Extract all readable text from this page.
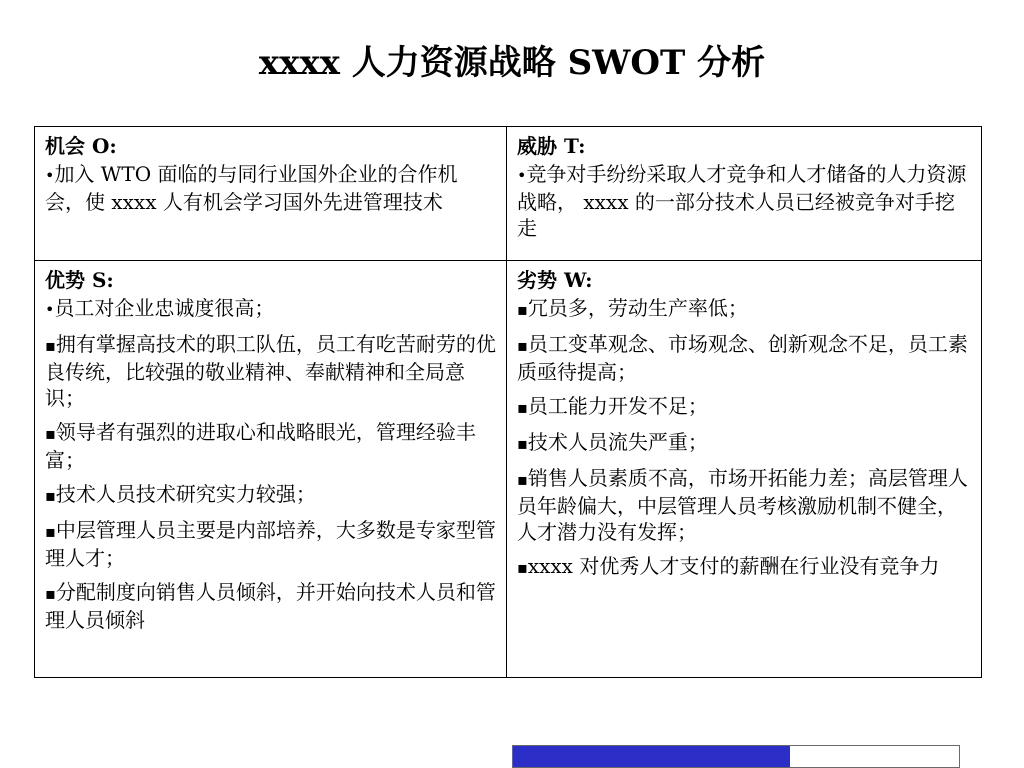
xxxx 人力资源战略 SWOT 分析
机会 O:
•加入 WTO 面临的与同行业国外企业的合作机会，使 xxxx 人有机会学习国外先进管理技术
威胁 T:
•竞争对手纷纷采取人才竞争和人才储备的人力资源战略， xxxx 的一部分技术人员已经被竞争对手挖走
优势 S:
•员工对企业忠诚度很高；
▪拥有掌握高技术的职工队伍，员工有吃苦耐劳的优良传统，比较强的敬业精神、奉献精神和全局意识；
▪领导者有强烈的进取心和战略眼光，管理经验丰富；
▪技术人员技术研究实力较强；
▪中层管理人员主要是内部培养，大多数是专家型管理人才；
▪分配制度向销售人员倾斜，并开始向技术人员和管理人员倾斜
劣势 W:
▪冗员多，劳动生产率低；
▪员工变革观念、市场观念、创新观念不足，员工素质亟待提高；
▪员工能力开发不足；
▪技术人员流失严重；
▪销售人员素质不高，市场开拓能力差；高层管理人员年龄偏大，中层管理人员考核激励机制不健全，人才潜力没有发挥；
▪xxxx 对优秀人才支付的薪酬在行业没有竞争力
